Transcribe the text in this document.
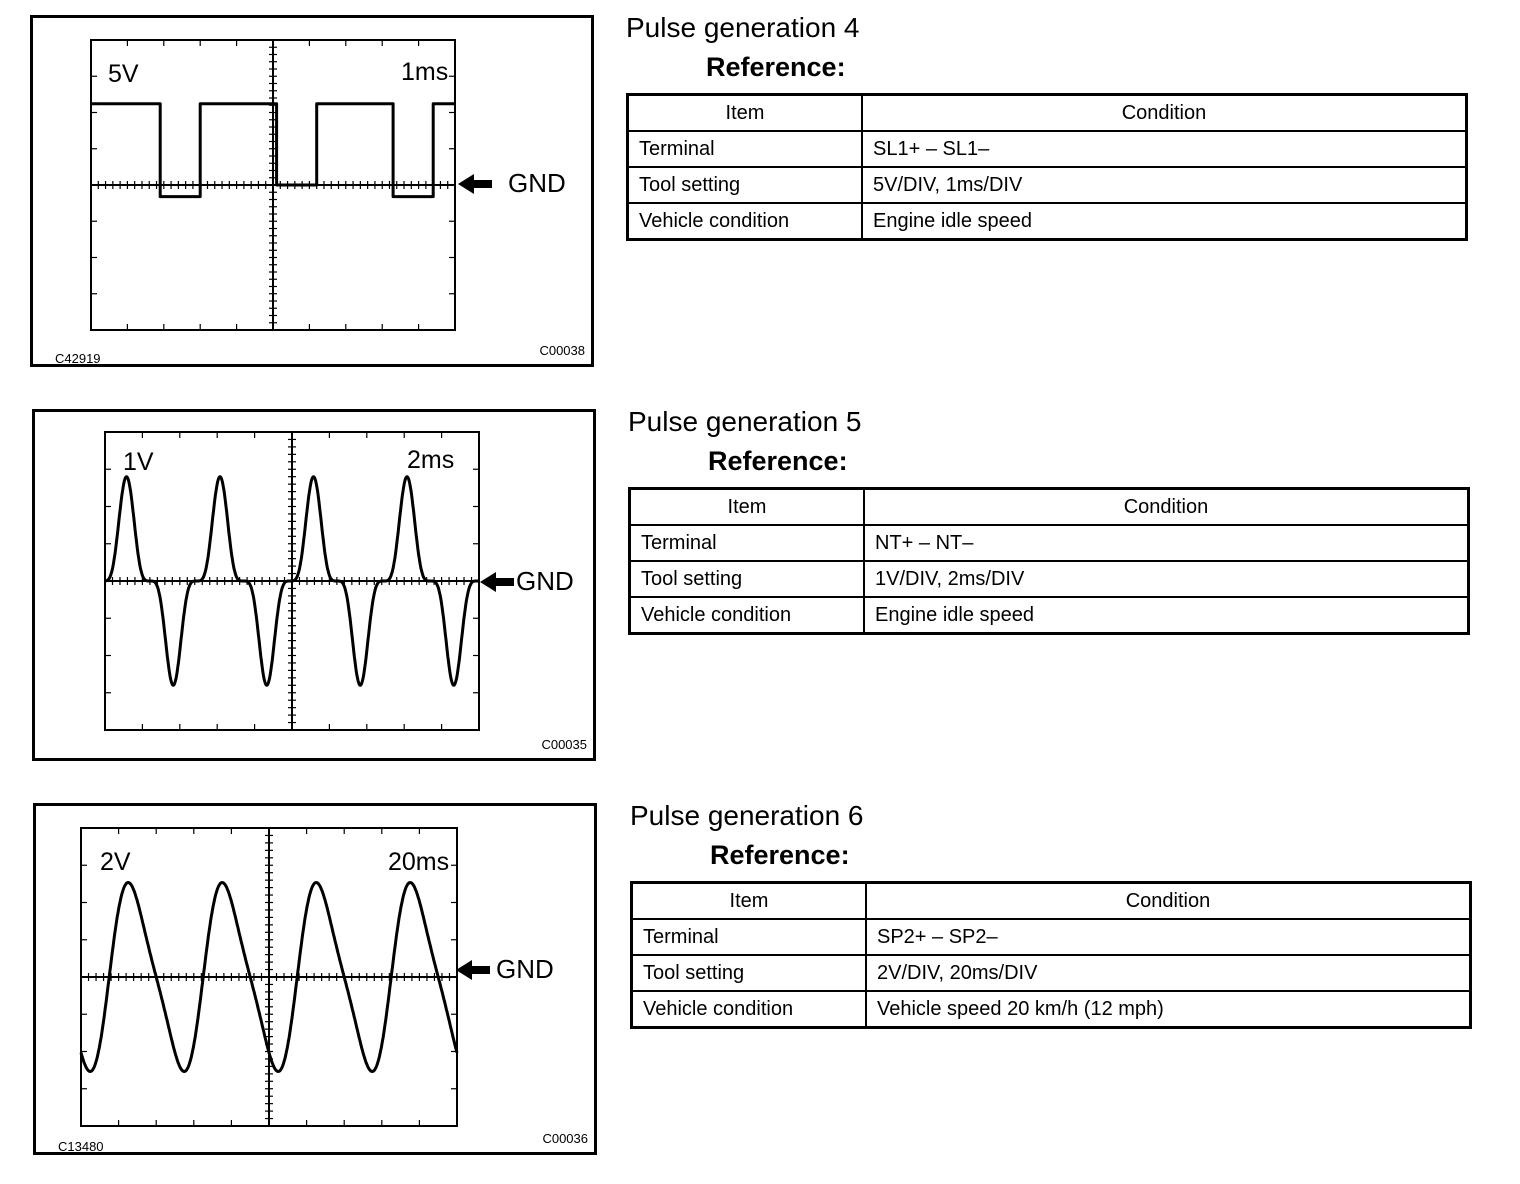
5V	1ms
C42919
C00038
GND
Pulse generation 4
Reference:
Item	Condition
Terminal	SL1+ – SL1–
Tool setting	5V/DIV, 1ms/DIV
Vehicle condition	Engine idle speed
1V	2ms
C00035
GND
Pulse generation 5
Reference:
Item	Condition
Terminal	NT+ – NT–
Tool setting	1V/DIV, 2ms/DIV
Vehicle condition	Engine idle speed
2V	20ms
C13480
C00036
GND
Pulse generation 6
Reference:
Item	Condition
Terminal	SP2+ – SP2–
Tool setting	2V/DIV, 20ms/DIV
Vehicle condition	Vehicle speed 20 km/h (12 mph)
